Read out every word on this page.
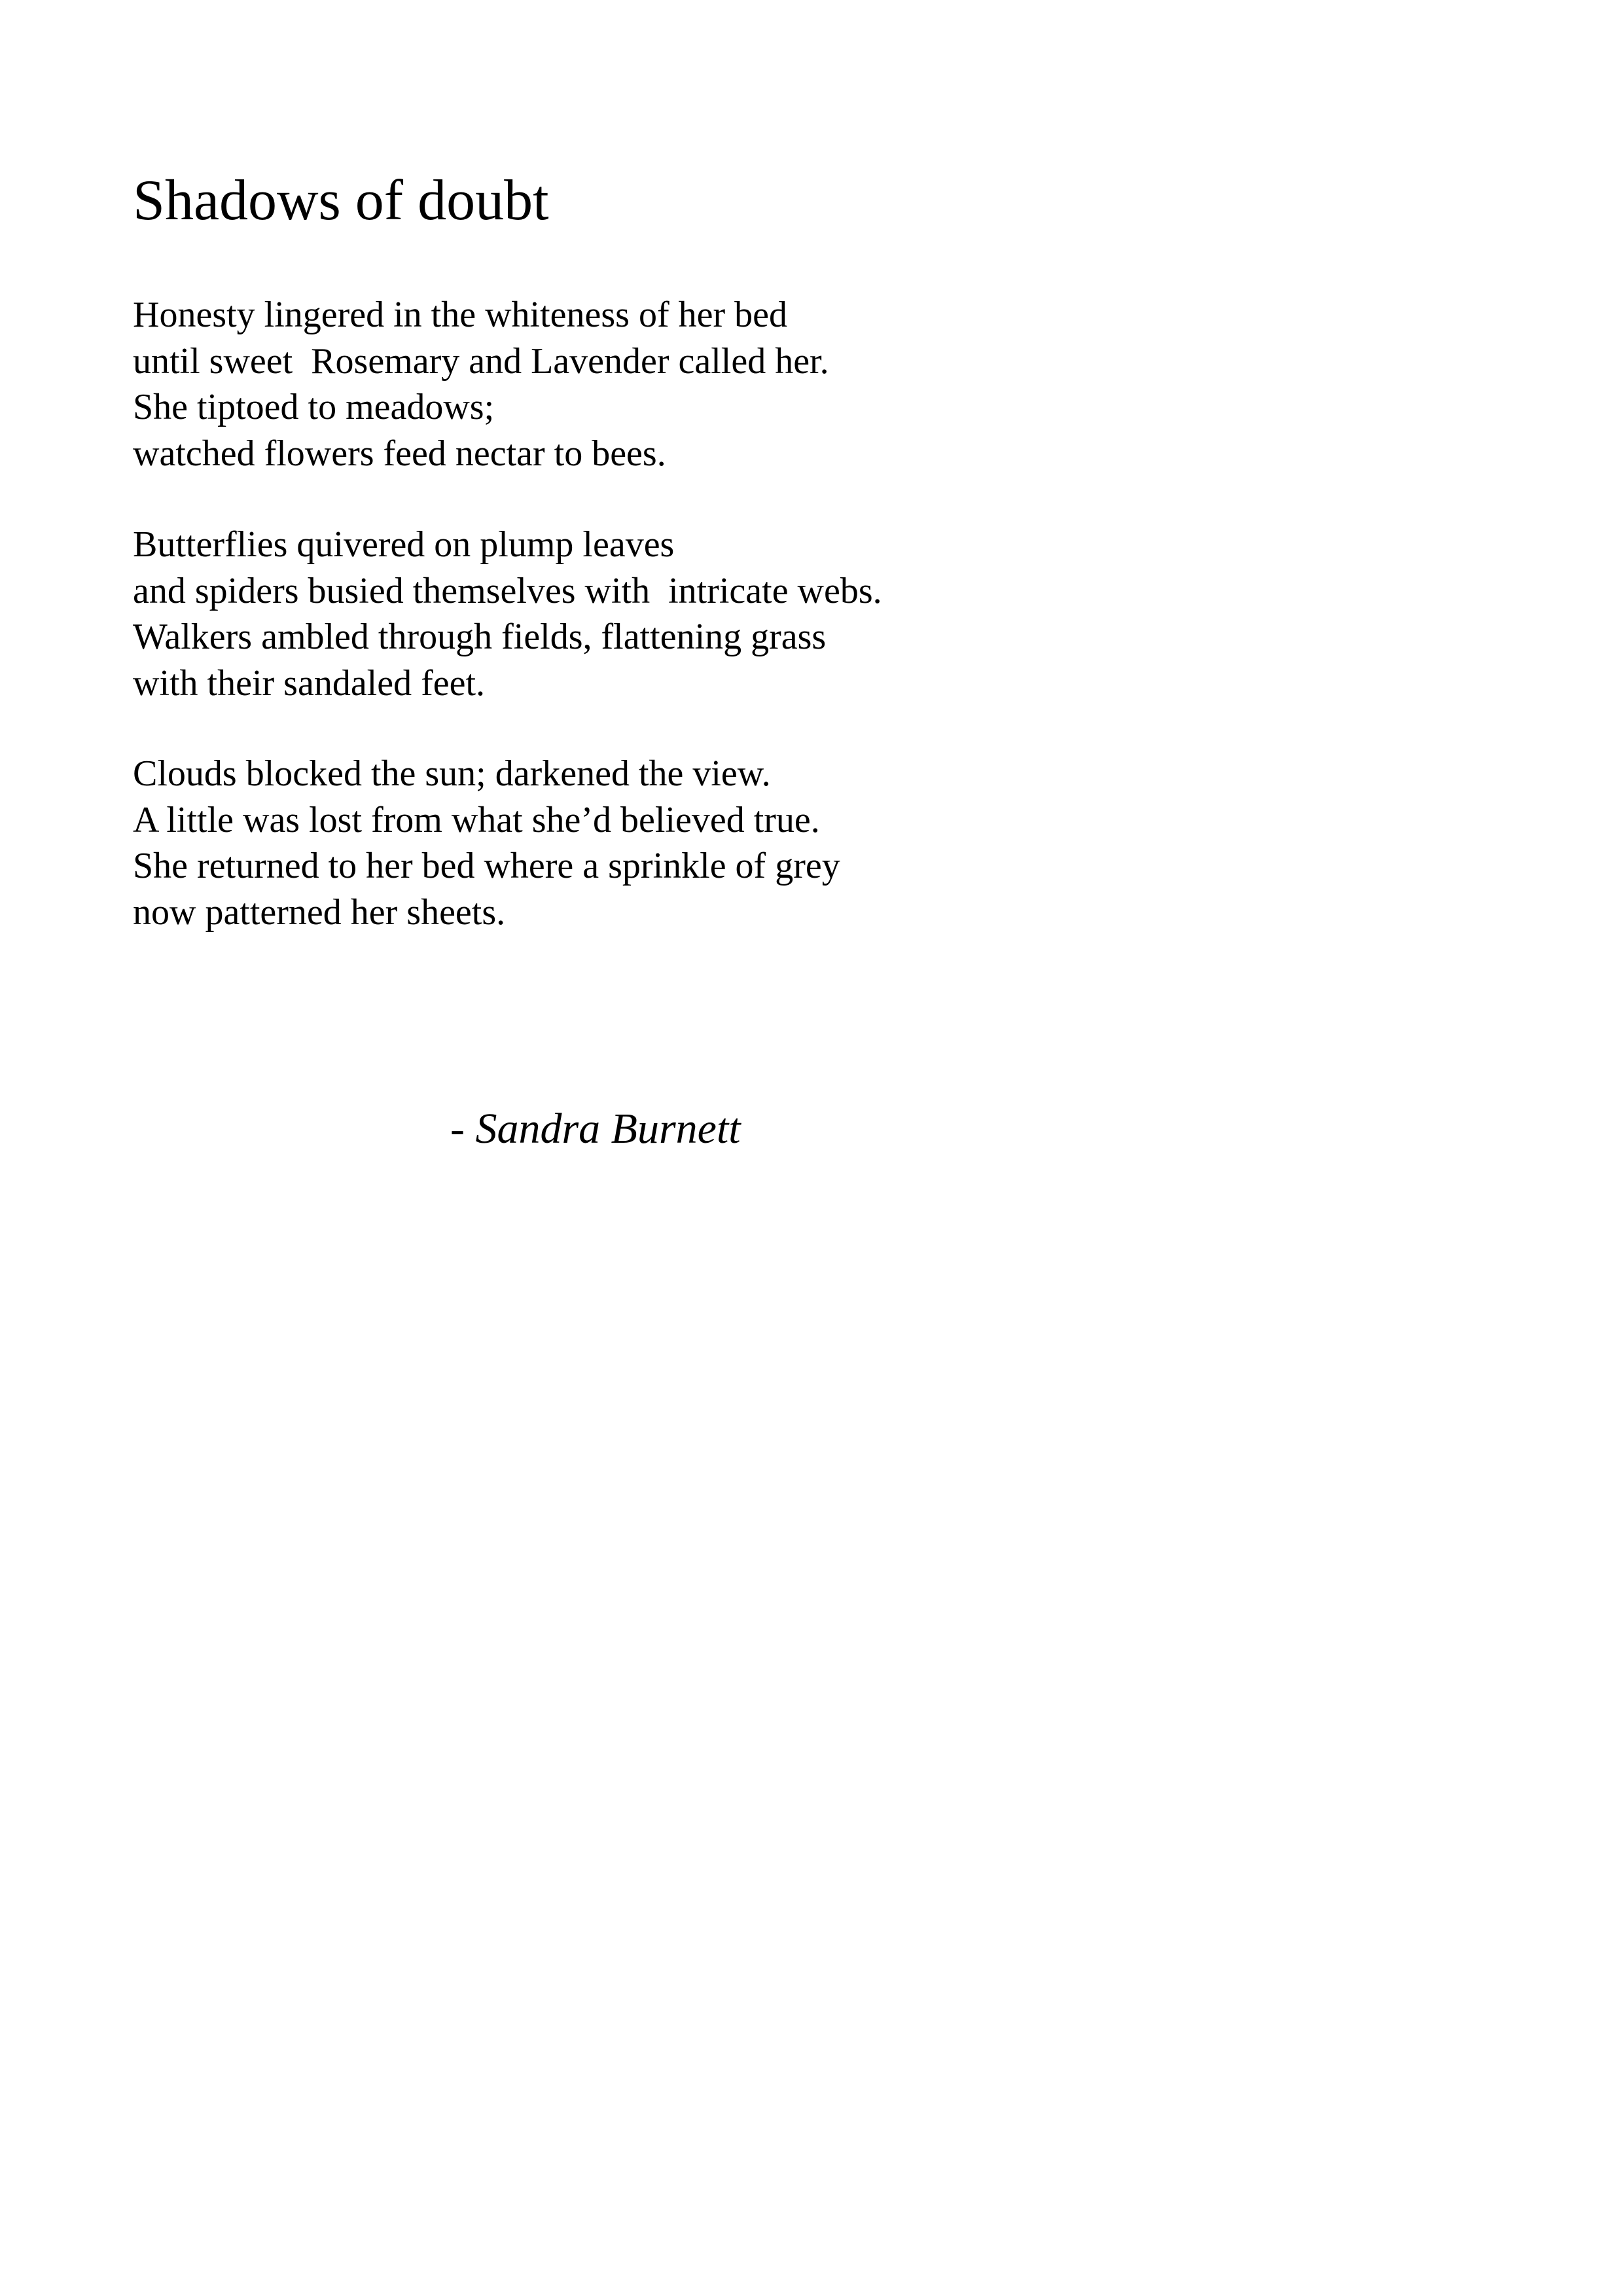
Shadows of doubt

Honesty lingered in the whiteness of her bed
until sweet  Rosemary and Lavender called her.
She tiptoed to meadows;
watched flowers feed nectar to bees.

Butterflies quivered on plump leaves
and spiders busied themselves with  intricate webs.
Walkers ambled through fields, flattening grass
with their sandaled feet.

Clouds blocked the sun; darkened the view.
A little was lost from what she’d believed true.
She returned to her bed where a sprinkle of grey
now patterned her sheets.

- Sandra Burnett
